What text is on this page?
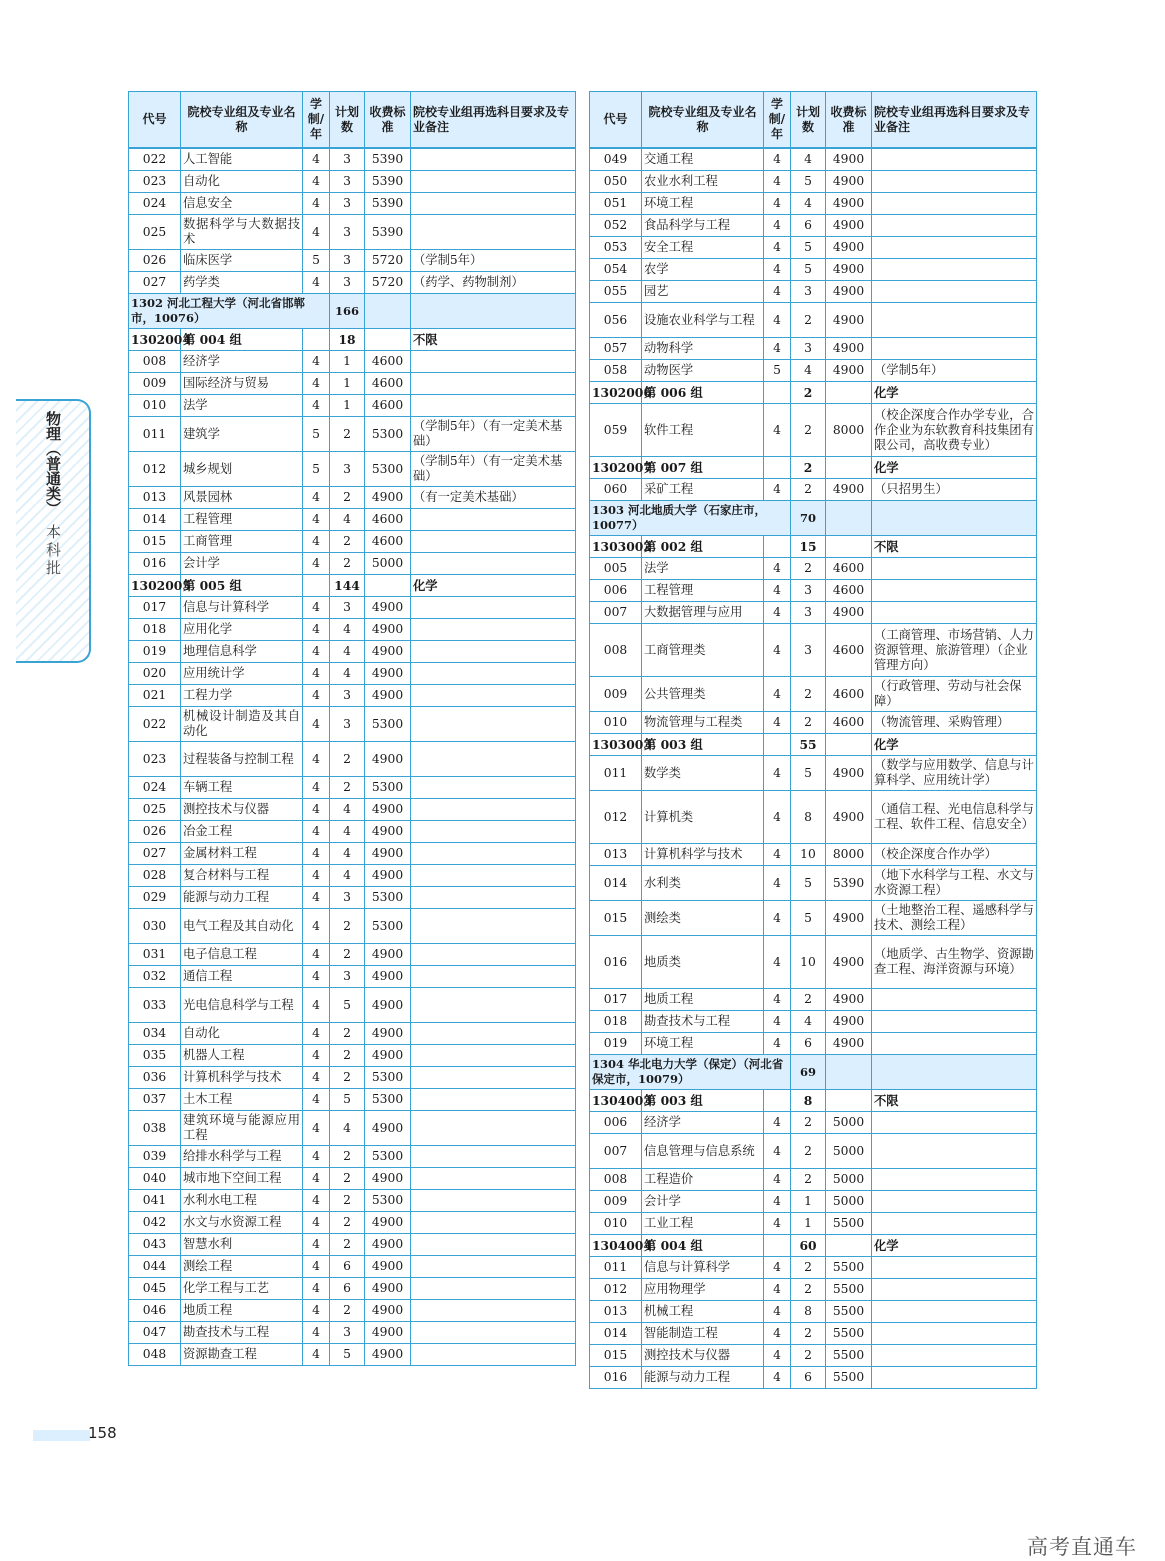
代号	院校专业组及专业名称	学制/年	计划数	收费标准	院校专业组再选科目要求及专业备注
022	人工智能	4	3	5390	
023	自动化	4	3	5390	
024	信息安全	4	3	5390	
025	数据科学与大数据技术	4	3	5390	
026	临床医学	5	3	5720	（学制5年）
027	药学类	4	3	5720	（药学、药物制剂）
1302 河北工程大学（河北省邯郸市，10076）			166		
1302004	第 004 组		18		不限
008	经济学	4	1	4600	
009	国际经济与贸易	4	1	4600	
010	法学	4	1	4600	
011	建筑学	5	2	5300	（学制5年）（有一定美术基础）
012	城乡规划	5	3	5300	（学制5年）（有一定美术基础）
013	风景园林	4	2	4900	（有一定美术基础）
014	工程管理	4	4	4600	
015	工商管理	4	2	4600	
016	会计学	4	2	5000	
1302005	第 005 组		144		化学
017	信息与计算科学	4	3	4900	
018	应用化学	4	4	4900	
019	地理信息科学	4	4	4900	
020	应用统计学	4	4	4900	
021	工程力学	4	3	4900	
022	机械设计制造及其自动化	4	3	5300	
023	过程装备与控制工程	4	2	4900	
024	车辆工程	4	2	5300	
025	测控技术与仪器	4	4	4900	
026	冶金工程	4	4	4900	
027	金属材料工程	4	4	4900	
028	复合材料与工程	4	4	4900	
029	能源与动力工程	4	3	5300	
030	电气工程及其自动化	4	2	5300	
031	电子信息工程	4	2	4900	
032	通信工程	4	3	4900	
033	光电信息科学与工程	4	5	4900	
034	自动化	4	2	4900	
035	机器人工程	4	2	4900	
036	计算机科学与技术	4	2	5300	
037	土木工程	4	5	5300	
038	建筑环境与能源应用工程	4	4	4900	
039	给排水科学与工程	4	2	5300	
040	城市地下空间工程	4	2	4900	
041	水利水电工程	4	2	5300	
042	水文与水资源工程	4	2	4900	
043	智慧水利	4	2	4900	
044	测绘工程	4	6	4900	
045	化学工程与工艺	4	6	4900	
046	地质工程	4	2	4900	
047	勘查技术与工程	4	3	4900	
048	资源勘查工程	4	5	4900	
代号	院校专业组及专业名称	学制/年	计划数	收费标准	院校专业组再选科目要求及专业备注
049	交通工程	4	4	4900	
050	农业水利工程	4	5	4900	
051	环境工程	4	4	4900	
052	食品科学与工程	4	6	4900	
053	安全工程	4	5	4900	
054	农学	4	5	4900	
055	园艺	4	3	4900	
056	设施农业科学与工程	4	2	4900	
057	动物科学	4	3	4900	
058	动物医学	5	4	4900	（学制5年）
1302006	第 006 组		2		化学
059	软件工程	4	2	8000	（校企深度合作办学专业，合作企业为东软教育科技集团有限公司，高收费专业）
1302007	第 007 组		2		化学
060	采矿工程	4	2	4900	（只招男生）
1303 河北地质大学（石家庄市，10077）			70		
1303002	第 002 组		15		不限
005	法学	4	2	4600	
006	工程管理	4	3	4600	
007	大数据管理与应用	4	3	4900	
008	工商管理类	4	3	4600	（工商管理、市场营销、人力资源管理、旅游管理）（企业管理方向）
009	公共管理类	4	2	4600	（行政管理、劳动与社会保障）
010	物流管理与工程类	4	2	4600	（物流管理、采购管理）
1303003	第 003 组		55		化学
011	数学类	4	5	4900	（数学与应用数学、信息与计算科学、应用统计学）
012	计算机类	4	8	4900	（通信工程、光电信息科学与工程、软件工程、信息安全）
013	计算机科学与技术	4	10	8000	（校企深度合作办学）
014	水利类	4	5	5390	（地下水科学与工程、水文与水资源工程）
015	测绘类	4	5	4900	（土地整治工程、遥感科学与技术、测绘工程）
016	地质类	4	10	4900	（地质学、古生物学、资源勘查工程、海洋资源与环境）
017	地质工程	4	2	4900	
018	勘查技术与工程	4	4	4900	
019	环境工程	4	6	4900	
1304 华北电力大学（保定）（河北省保定市，10079）			69		
1304003	第 003 组		8		不限
006	经济学	4	2	5000	
007	信息管理与信息系统	4	2	5000	
008	工程造价	4	2	5000	
009	会计学	4	1	5000	
010	工业工程	4	1	5500	
1304004	第 004 组		60		化学
011	信息与计算科学	4	2	5500	
012	应用物理学	4	2	5500	
013	机械工程	4	8	5500	
014	智能制造工程	4	2	5500	
015	测控技术与仪器	4	2	5500	
016	能源与动力工程	4	6	5500	
物理（普通类）
本科批
158
高考直通车
